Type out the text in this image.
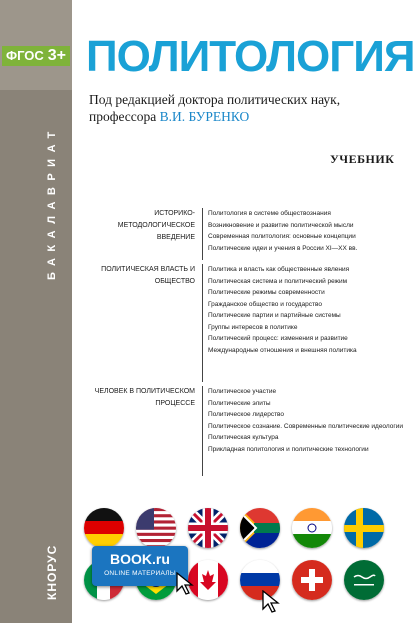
ФГОС 3+
БАКАЛАВРИАТ
КНОРУС
ПОЛИТОЛОГИЯ
Под редакцией доктора политических наук,
профессора В.И. БУРЕНКО
УЧЕБНИК
ИСТОРИКО-МЕТОДОЛОГИЧЕСКОЕ ВВЕДЕНИЕ
Политология в системе обществознания
Возникновение и развитие политической мысли
Современная политология: основные концепции
Политические идеи и учения в России XI—XX вв.
ПОЛИТИЧЕСКАЯ ВЛАСТЬ И ОБЩЕСТВО
Политика и власть как общественные явления
Политическая система и политический режим
Политические режимы современности
Гражданское общество и государство
Политические партии и партийные системы
Группы интересов в политике
Политический процесс: изменения и развитие
Международные отношения и внешняя политика
ЧЕЛОВЕК В ПОЛИТИЧЕСКОМ ПРОЦЕССЕ
Политическое участие
Политические элиты
Политическое лидерство
Политическое сознание. Современные политические идеологии
Политическая культура
Прикладная политология и политические технологии
BOOK.ru
ONLINE МАТЕРИАЛЫ
